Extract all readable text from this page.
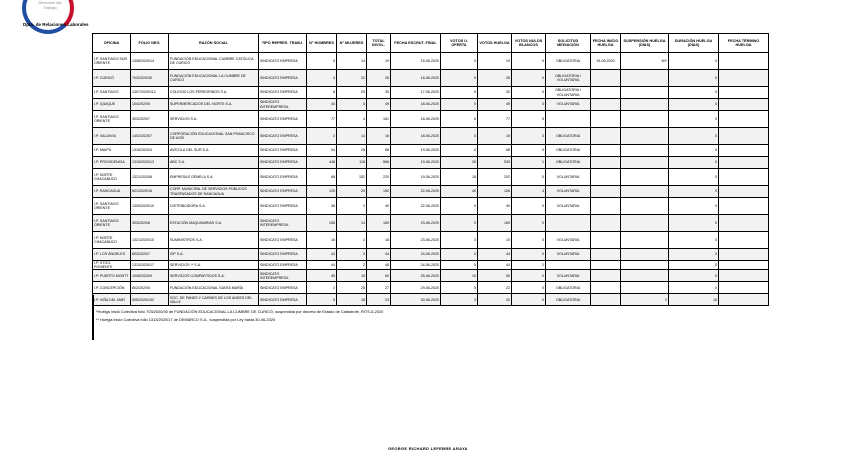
Dirección del Trabajo
Dpto. de Relaciones Laborales
OFICINA	FOLIO NEG.	RAZÓN SOCIAL	TIPO REPRES. TRABJ.	N° HOMBRES	N° MUJERES	TOTAL INVOL.	FECHA ESCRUT. FINAL	VOTOS U. OFERTA	VOTOS HUELGA	VOTOS NULOS BLANCOS	SOLICITUD MEDIACIÓN	FECHA INICIO HUELGA	SUSPENSIÓN HUELGA (DÍAS)	DURACIÓN HUELGA (DÍAS)	FECHA TÉRMINO HUELGA
I.P. SANTIAGO SUR ORIENTE	1308/2020/14	FUNDACIÓN EDUCACIONAL CUMBRE CATÓLICA DE CURICÓ	SINDICATO EMPRESA	5	14	19	15-06-2020	0	19	0	OBLIGATORIA	19-06-2020	60*	0	
I.P. CURICÓ	703/2020/30	FUNDACIÓN EDUCACIONAL LA CUMBRE DE CURICÓ	SINDICATO EMPRESA	4	22	26	16-06-2020	0	26	0	OBLIGATORIA / VOLUNTARIA			0	
I.P. SANTIAGO	1307/2020/112	COLEGIO LOS PEREGRINOS S.A.	SINDICATO EMPRESA	6	29	35	17-06-2020	5	30	0	OBLIGATORIA / VOLUNTARIA			0	
I.P. IQUIQUE	104/2020/5	SUPERMERCADOS DEL NORTE S.A.	SINDICATO INTEREMPRESA	44	5	49	18-06-2020	0	49	0	VOLUNTARIA			0	
I.P. SANTIAGO ORIENTE	303/2020/7	SERVICIOS S.A.	SINDICATO EMPRESA	77	4	181	18-06-2020	6	77	5				0	
I.P. VALDIVIA	1402/2020/7	CORPORACIÓN EDUCACIONAL SAN FRANCISCO DE ASÍS	SINDICATO EMPRESA	2	14	16	18-06-2020	0	16	0	OBLIGATORIA			0	
I.P. MAIPÚ	1316/2020/4	AVÍCOLA DEL SUR S.A.	SINDICATO EMPRESA	54	25	88	19-06-2020	0	88	0	OBLIGATORIA			0	
I.P. PROVIDENCIA	1315/2020/13	ABC S.A.	SINDICATO EMPRESA	448	118	566	19-06-2020	26	539	1	OBLIGATORIA			0	
I.P. NORTE CHACABUCO	1321/2020/8	EMPRESAS GEMELA S.A.	SINDICATO EMPRESA	68	152	220	19-06-2020	18	202	0	VOLUNTARIA			0	
I.P. RANCAGUA	601/2020/16	CORP. MUNICIPAL DE SERVICIOS PÚBLICOS TRASPASADOS DE RANCAGUA	SINDICATO EMPRESA	125	25	150	22-06-2020	40	106	4	VOLUNTARIA			0	
I.P. SANTIAGO ORIENTE	1309/2020/10	DISTRIBUIDORA S.A.	SINDICATO EMPRESA	38	2	40	22-06-2020	0	40	0	VOLUNTARIA			0	
I.P. SANTIAGO ORIENTE	303/2020/8	ESTACIÓN MAQUINARIAS S.A.	SINDICATO INTEREMPRESA	155	14	169	23-06-2020	0	169	0				0	
I.P. NORTE CHACABUCO	1321/2020/10	SUMINISTROS S.A.	SINDICATO EMPRESA	16	2	18	23-06-2020	3	15	0	VOLUNTARIA			0	
I.P. LOS ÁNGELES	803/2020/7	ISP S.A.	SINDICATO EMPRESA	44	0	44	24-06-2020	0	44	0	VOLUNTARIA			0	
I.P. STGO. PONIENTE	1313/2020/17	SERVICIOS ** S.A.	SINDICATO EMPRESA	44	2	46	24-06-2020	5	44	2				0	
I.P. PUERTO MONTT	1008/2020/9	SERVICIOS COMPARTIDOS S.A.	SINDICATO INTEREMPRESA	45	15	60	25-06-2020	10	50	0	VOLUNTARIA			0	
I.P. CONCEPCIÓN	802/2020/5	FUNDACIÓN EDUCACIONAL SANTA MARÍA	SINDICATO EMPRESA	2	25	27	29-06-2020	5	22	0	OBLIGATORIA			0	
I.P. VIÑA DEL MAR	505/2020/102	SOC. DE PANES Y CARNES DE LOS ANDES DEL VALLE	SINDICATO EMPRESA	5	18	23	30-06-2020	3	20	0	OBLIGATORIA		2	16	
*Huelga inició Colectiva folio 703/2020/30 de FUNDACIÓN EDUCACIONAL LA CUMBRE DE CURICÓ, suspendida por decreto de Estado de Catástrofe, RITS-5-2020
** Huelga inició Colectiva folio 1313/2020/17 de DEMARCO S.A., suspendida por Ley hasta 30-06-2020
GEORGE RICHARD LEFEBRE ARAYA
